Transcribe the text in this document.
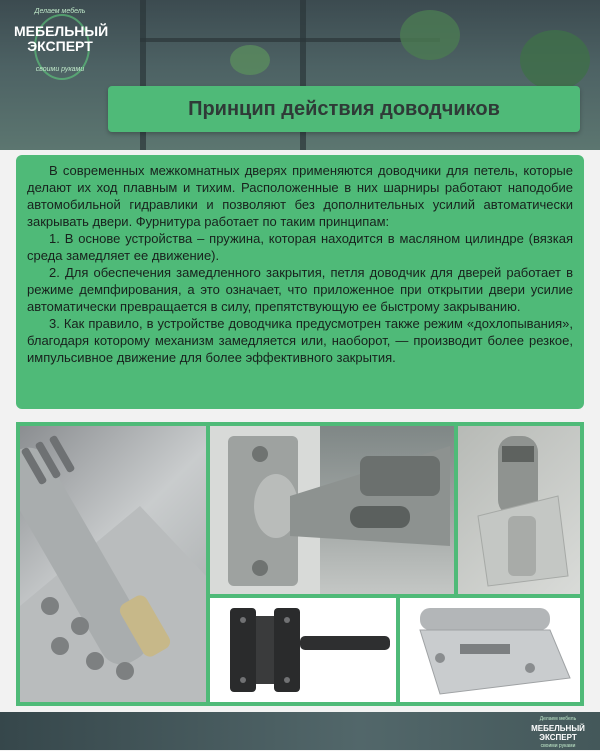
Делаем мебель
МЕБЕЛЬНЫЙ
ЭКСПЕРТ
своими руками
Принцип действия доводчиков

В современных межкомнатных дверях применяются доводчики для петель, которые делают их ход плавным и тихим. Расположенные в них шарниры работают наподобие автомобильной гидравлики и позволяют без дополнительных усилий автоматически закрывать двери. Фурнитура работает по таким принципам:

1. В основе устройства – пружина, которая находится в масляном цилиндре (вязкая среда замедляет ее движение).

2. Для обеспечения замедленного закрытия, петля доводчик для дверей работает в режиме демпфирования, а это означает, что приложенное при открытии двери усилие автоматически превращается в силу, препятствующую ее быстрому закрыванию.

3. Как правило, в устройстве доводчика предусмотрен также режим «дохлопывания», благодаря которому механизм замедляется или, наоборот, — производит более резкое, импульсивное движение для более эффективного закрытия.

Делаем мебель
МЕБЕЛЬНЫЙ
ЭКСПЕРТ
своими руками
